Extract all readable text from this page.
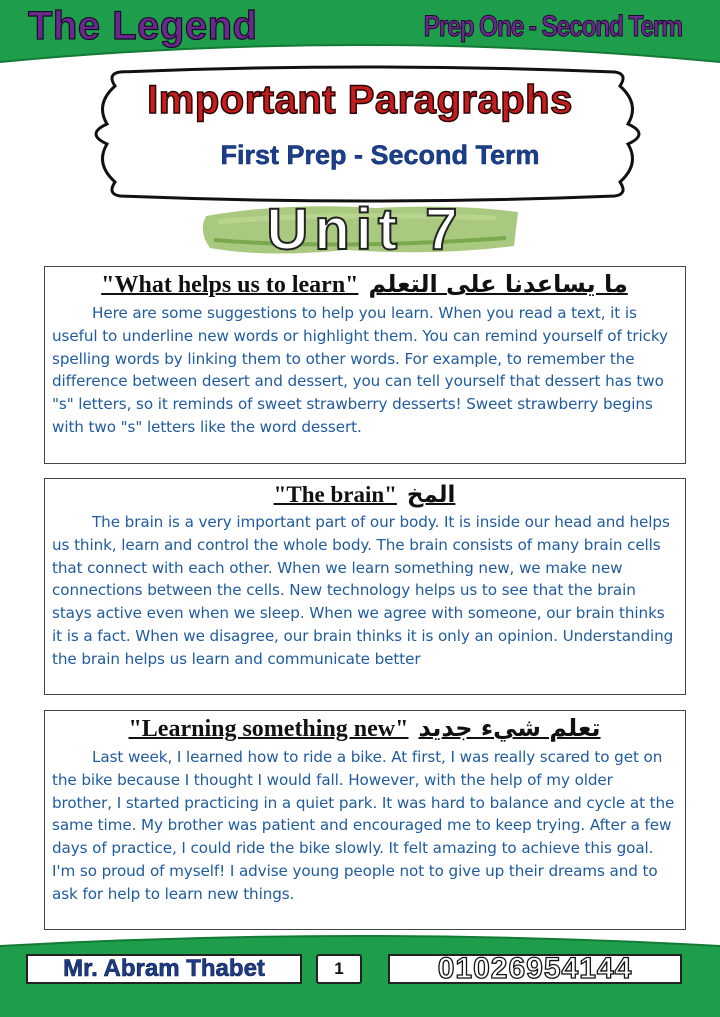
The Legend	Prep One - Second Term
Important Paragraphs
First Prep - Second Term
Unit 7

"What helps us to learn" ما يساعدنا على التعلم

Here are some suggestions to help you learn. When you read a text, it is useful to underline new words or highlight them. You can remind yourself of tricky spelling words by linking them to other words. For example, to remember the difference between desert and dessert, you can tell yourself that dessert has two "s" letters, so it reminds of sweet strawberry desserts! Sweet strawberry begins with two "s" letters like the word dessert.

"The brain" المخ

The brain is a very important part of our body. It is inside our head and helps us think, learn and control the whole body. The brain consists of many brain cells that connect with each other. When we learn something new, we make new connections between the cells. New technology helps us to see that the brain stays active even when we sleep. When we agree with someone, our brain thinks it is a fact. When we disagree, our brain thinks it is only an opinion. Understanding the brain helps us learn and communicate better

"Learning something new" تعلم شيء جديد

Last week, I learned how to ride a bike. At first, I was really scared to get on the bike because I thought I would fall. However, with the help of my older brother, I started practicing in a quiet park. It was hard to balance and cycle at the same time. My brother was patient and encouraged me to keep trying. After a few days of practice, I could ride the bike slowly. It felt amazing to achieve this goal. I'm so proud of myself! I advise young people not to give up their dreams and to ask for help to learn new things.

Mr. Abram Thabet	1	01026954144
